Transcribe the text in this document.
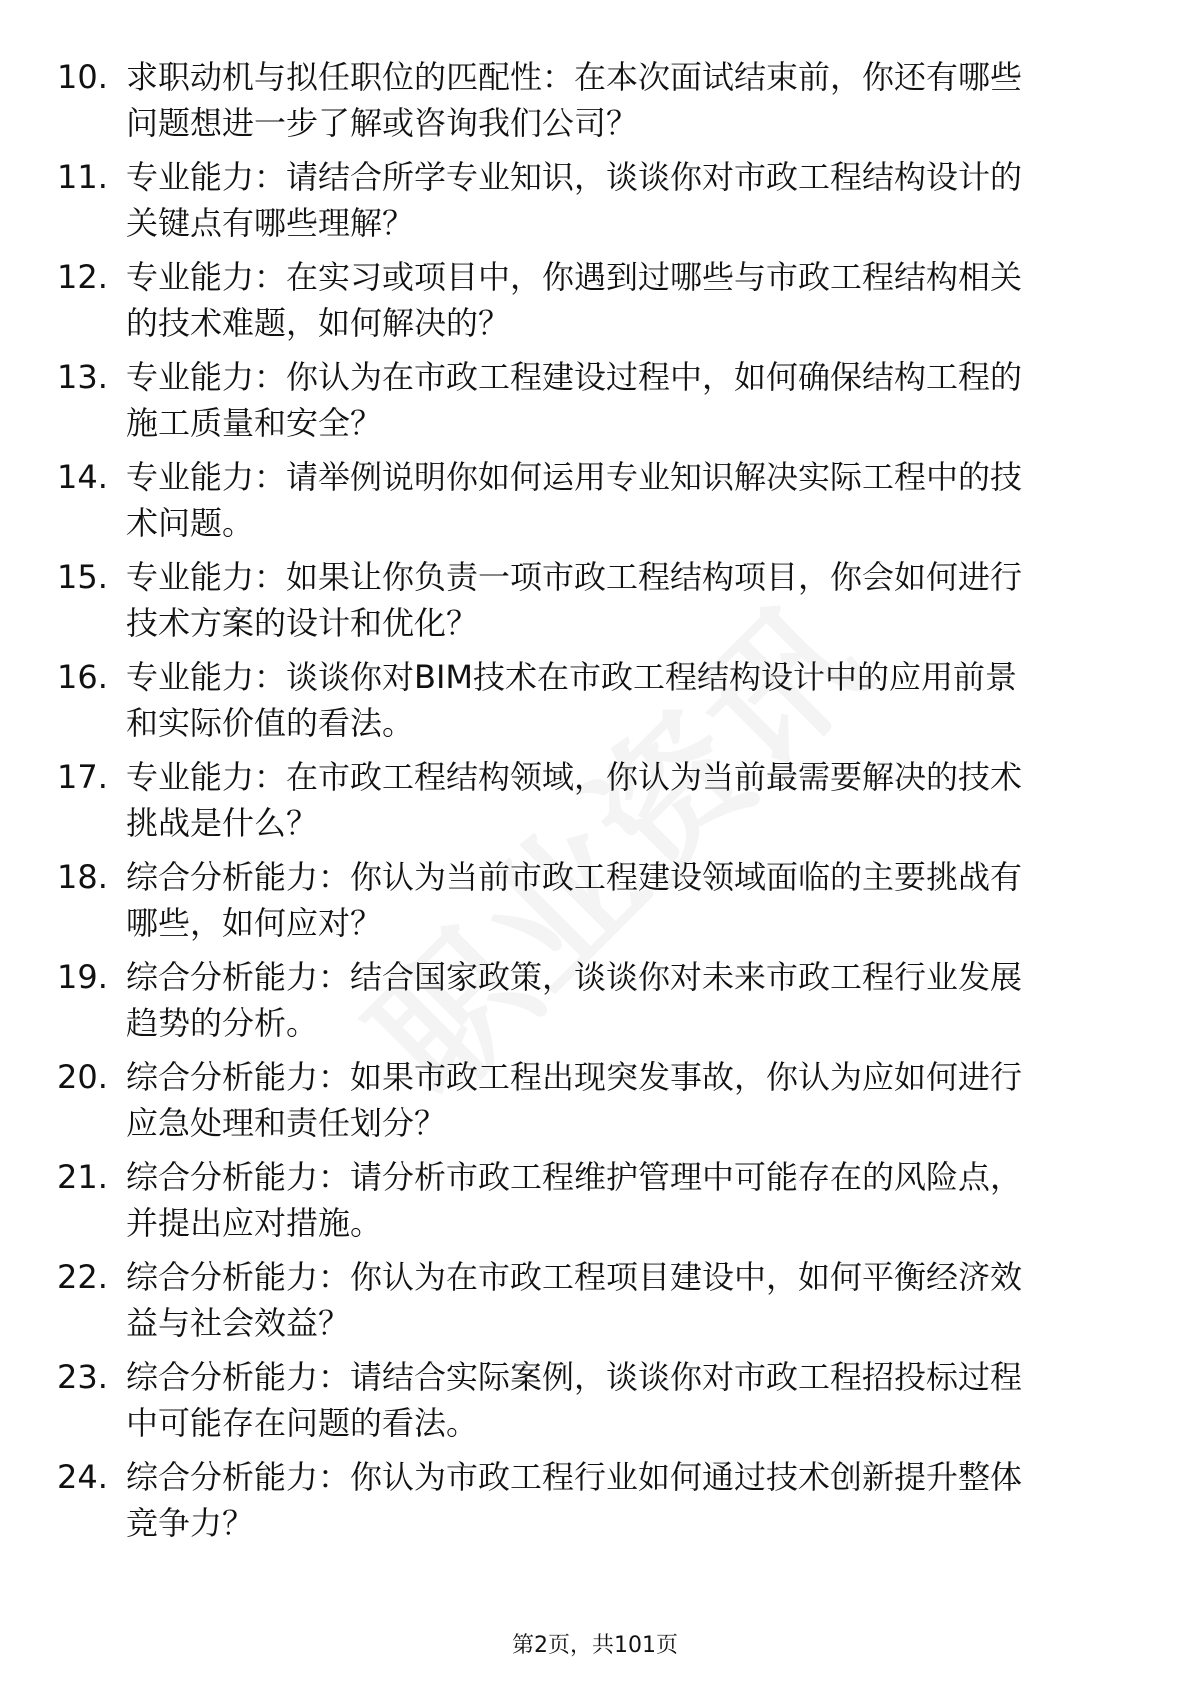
10. 求职动机与拟任职位的匹配性：在本次面试结束前，你还有哪些
问题想进一步了解或咨询我们公司？
11. 专业能力：请结合所学专业知识，谈谈你对市政工程结构设计的
关键点有哪些理解？
12. 专业能力：在实习或项目中，你遇到过哪些与市政工程结构相关
的技术难题，如何解决的？
13. 专业能力：你认为在市政工程建设过程中，如何确保结构工程的
施工质量和安全？
14. 专业能力：请举例说明你如何运用专业知识解决实际工程中的技
术问题。
15. 专业能力：如果让你负责一项市政工程结构项目，你会如何进行
技术方案的设计和优化？
16. 专业能力：谈谈你对BIM技术在市政工程结构设计中的应用前景
和实际价值的看法。
17. 专业能力：在市政工程结构领域，你认为当前最需要解决的技术
挑战是什么？
18. 综合分析能力：你认为当前市政工程建设领域面临的主要挑战有
哪些，如何应对？
19. 综合分析能力：结合国家政策，谈谈你对未来市政工程行业发展
趋势的分析。
20. 综合分析能力：如果市政工程出现突发事故，你认为应如何进行
应急处理和责任划分？
21. 综合分析能力：请分析市政工程维护管理中可能存在的风险点，
并提出应对措施。
22. 综合分析能力：你认为在市政工程项目建设中，如何平衡经济效
益与社会效益？
23. 综合分析能力：请结合实际案例，谈谈你对市政工程招投标过程
中可能存在问题的看法。
24. 综合分析能力：你认为市政工程行业如何通过技术创新提升整体
竞争力？
第2页，共101页
